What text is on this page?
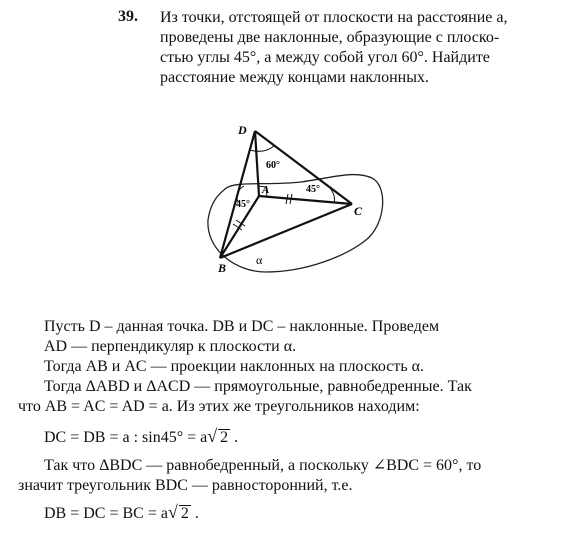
39. Из точки, отстоящей от плоскости на расстояние a,
проведены две наклонные, образующие с плоско-
стью углы 45°, а между собой угол 60°. Найдите
расстояние между концами наклонных.
D
A
B
C
α
60°
45°
45°
Пусть D – данная точка. DB и DC – наклонные. Проведем
AD — перпендикуляр к плоскости α.
Тогда AB и AC — проекции наклонных на плоскость α.
Тогда ΔABD и ΔACD — прямоугольные, равнобедренные. Так
что AB = AC = AD = a. Из этих же треугольников находим:
DC = DB = a : sin45° = a√ 2 .
Так что ΔBDC — равнобедренный, а поскольку ∠BDC = 60°, то
значит треугольник BDC — равносторонний, т.е.
DB = DC = BC = a√ 2 .
